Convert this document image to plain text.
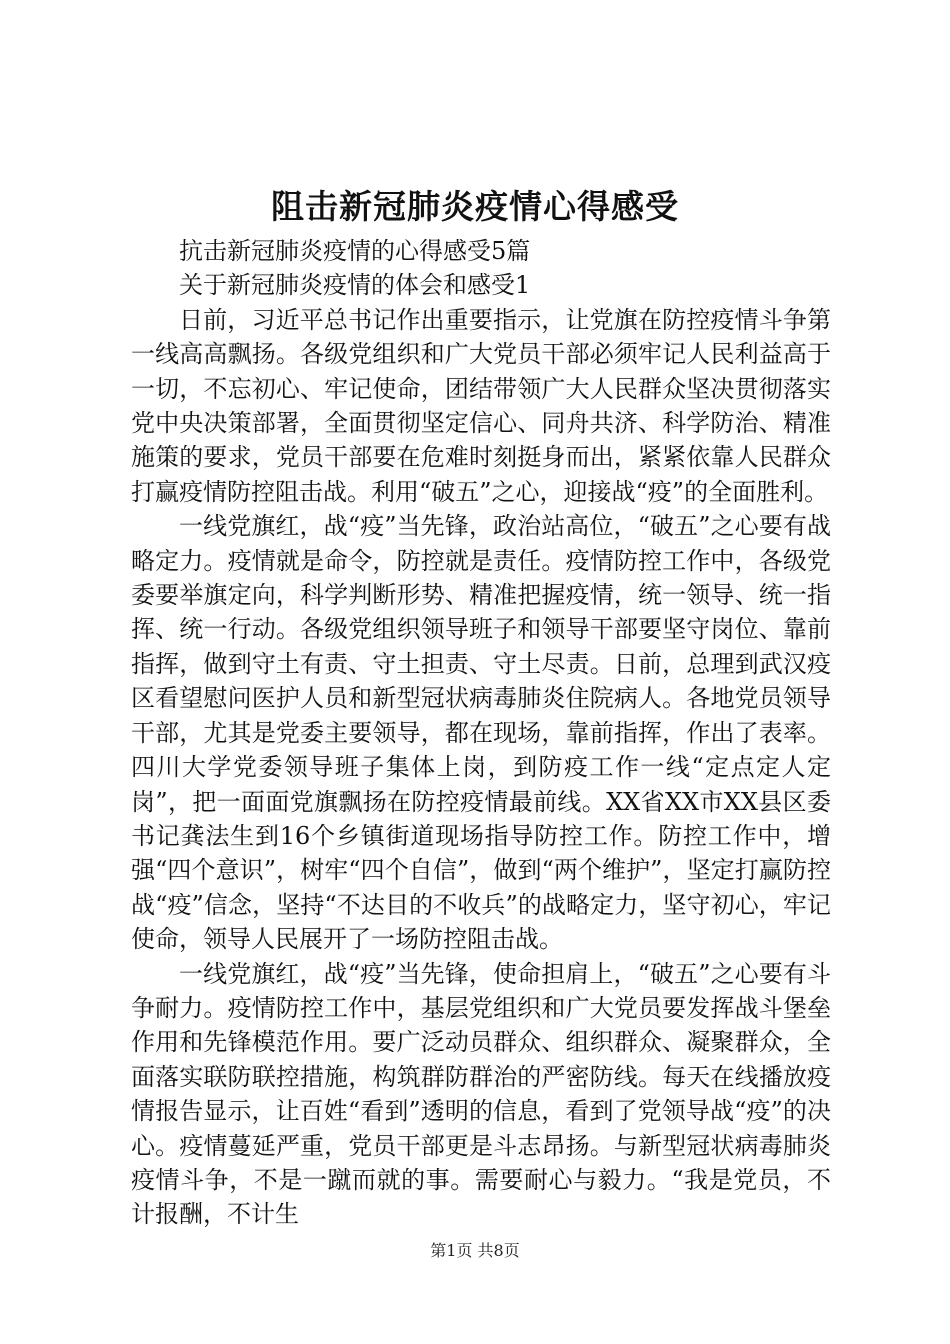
阻击新冠肺炎疫情心得感受

抗击新冠肺炎疫情的心得感受5篇

关于新冠肺炎疫情的体会和感受1

日前，习近平总书记作出重要指示，让党旗在防控疫情斗争第一线高高飘扬。各级党组织和广大党员干部必须牢记人民利益高于一切，不忘初心、牢记使命，团结带领广大人民群众坚决贯彻落实党中央决策部署，全面贯彻坚定信心、同舟共济、科学防治、精准施策的要求，党员干部要在危难时刻挺身而出，紧紧依靠人民群众打赢疫情防控阻击战。利用“破五”之心，迎接战“疫”的全面胜利。

一线党旗红，战“疫”当先锋，政治站高位，“破五”之心要有战略定力。疫情就是命令，防控就是责任。疫情防控工作中，各级党委要举旗定向，科学判断形势、精准把握疫情，统一领导、统一指挥、统一行动。各级党组织领导班子和领导干部要坚守岗位、靠前指挥，做到守土有责、守土担责、守土尽责。日前，总理到武汉疫区看望慰问医护人员和新型冠状病毒肺炎住院病人。各地党员领导干部，尤其是党委主要领导，都在现场，靠前指挥，作出了表率。四川大学党委领导班子集体上岗，到防疫工作一线“定点定人定岗”，把一面面党旗飘扬在防控疫情最前线。XX省XX市XX县区委书记龚法生到16个乡镇街道现场指导防控工作。防控工作中，增强“四个意识”，树牢“四个自信”，做到“两个维护”，坚定打赢防控战“疫”信念，坚持“不达目的不收兵”的战略定力，坚守初心，牢记使命，领导人民展开了一场防控阻击战。

一线党旗红，战“疫”当先锋，使命担肩上，“破五”之心要有斗争耐力。疫情防控工作中，基层党组织和广大党员要发挥战斗堡垒作用和先锋模范作用。要广泛动员群众、组织群众、凝聚群众，全面落实联防联控措施，构筑群防群治的严密防线。每天在线播放疫情报告显示，让百姓“看到”透明的信息，看到了党领导战“疫”的决心。疫情蔓延严重，党员干部更是斗志昂扬。与新型冠状病毒肺炎疫情斗争，不是一蹴而就的事。需要耐心与毅力。“我是党员，不计报酬，不计生

第1页 共8页
